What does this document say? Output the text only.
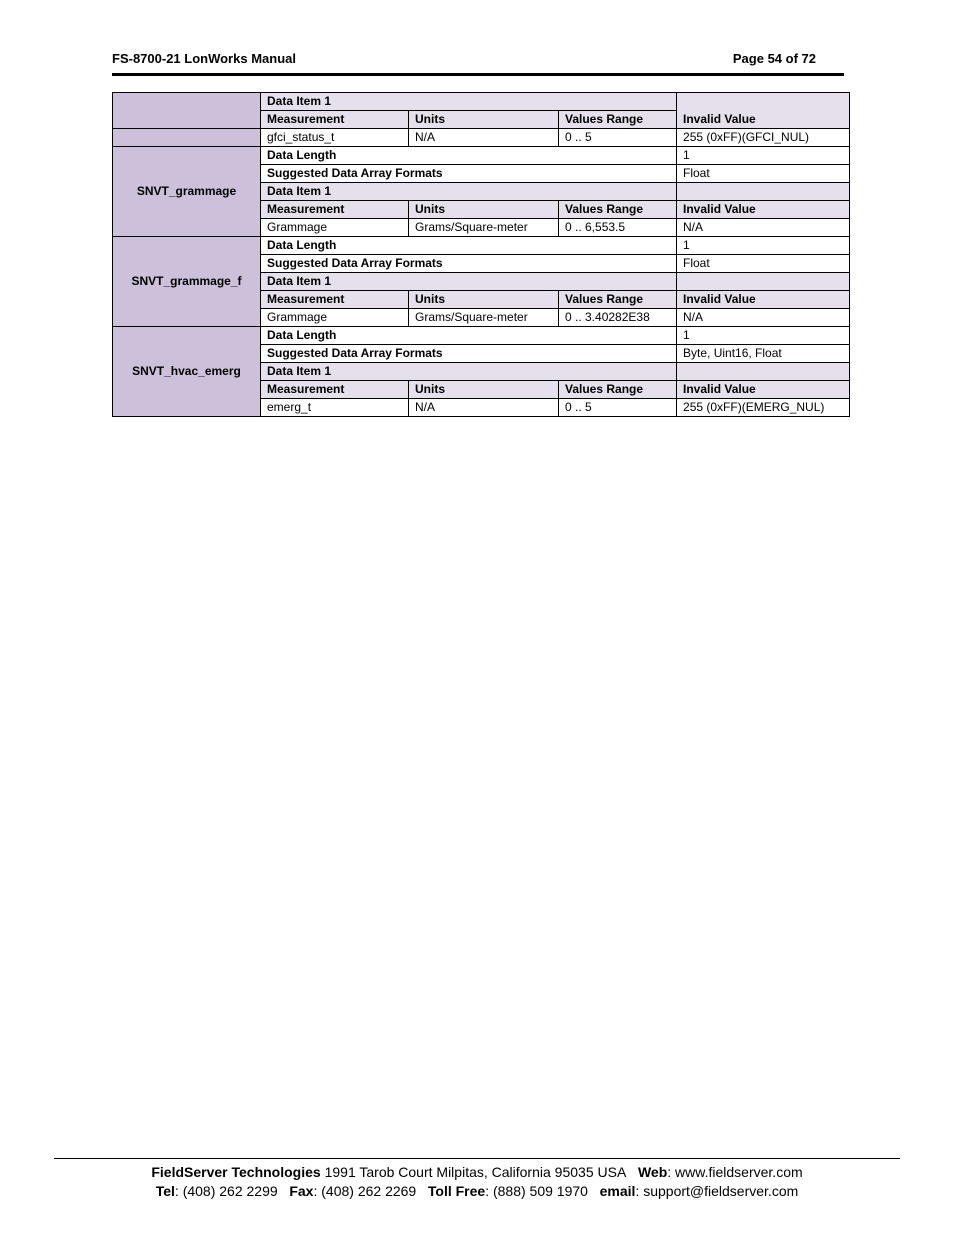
FS-8700-21 LonWorks Manual	Page 54 of 72
	Data Item 1			Invalid Value
	Measurement	Units	Values Range	
	gfci_status_t	N/A	0 .. 5	255 (0xFF)(GFCI_NUL)
SNVT_grammage	Data Length			1
	Suggested Data Array Formats			Float
	Data Item 1			
	Measurement	Units	Values Range	Invalid Value
	Grammage	Grams/Square-meter	0 .. 6,553.5	N/A
SNVT_grammage_f	Data Length			1
	Suggested Data Array Formats			Float
	Data Item 1			
	Measurement	Units	Values Range	Invalid Value
	Grammage	Grams/Square-meter	0 .. 3.40282E38	N/A
SNVT_hvac_emerg	Data Length			1
	Suggested Data Array Formats			Byte, Uint16, Float
	Data Item 1			
	Measurement	Units	Values Range	Invalid Value
	emerg_t	N/A	0 .. 5	255 (0xFF)(EMERG_NUL)
FieldServer Technologies 1991 Tarob Court Milpitas, California 95035 USA Web: www.fieldserver.com
Tel: (408) 262 2299 Fax: (408) 262 2269 Toll Free: (888) 509 1970 email: support@fieldserver.com
